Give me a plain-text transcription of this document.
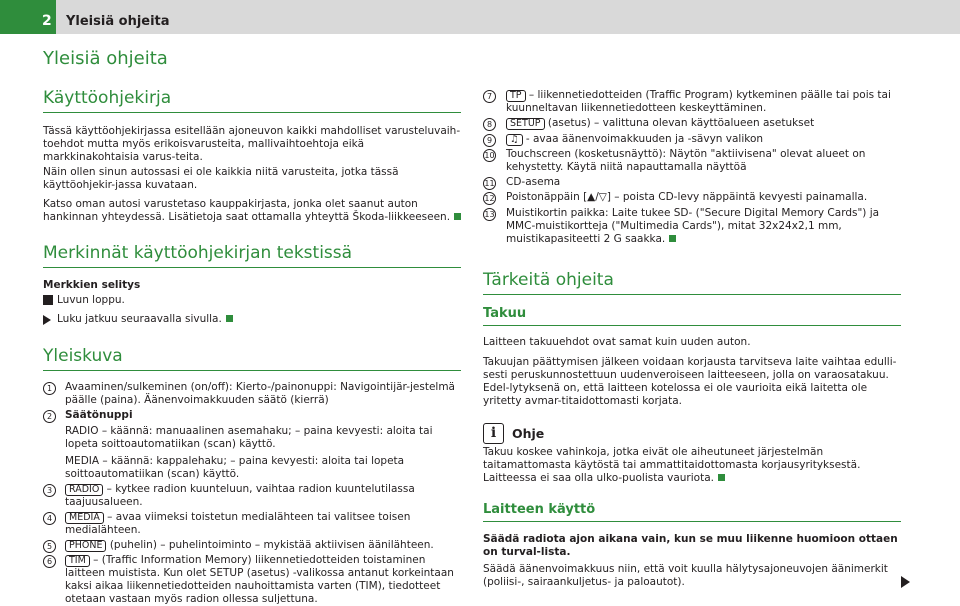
2	Yleisiä ohjeita
Yleisiä ohjeita
Käyttöohjekirja
Tässä käyttöohjekirjassa esitellään ajoneuvon kaikki mahdolliset varusteluvaih-toehdot mutta myös erikoisvarusteita, mallivaihtoehtoja eikä markkinakohtaisia varus-teita.
Näin ollen sinun autossasi ei ole kaikkia niitä varusteita, jotka tässä käyttöohjekir-jassa kuvataan.
Katso oman autosi varustetaso kauppakirjasta, jonka olet saanut auton hankinnan yhteydessä. Lisätietoja saat ottamalla yhteyttä Škoda-liikkeeseen.
Merkinnät käyttöohjekirjan tekstissä
Merkkien selitys
Luvun loppu.
Luku jatkuu seuraavalla sivulla.
Yleiskuva
1	Avaaminen/sulkeminen (on/off): Kierto-/painonuppi: Navigointijär-jestelmä päälle (paina). Äänenvoimakkuuden säätö (kierrä)
2	Säätönuppi
RADIO – käännä: manuaalinen asemahaku; – paina kevyesti: aloita tai lopeta soittoautomatiikan (scan) käyttö.
MEDIA – käännä: kappalehaku; – paina kevyesti: aloita tai lopeta soittoautomatiikan (scan) käyttö.
3	RADIO – kytkee radion kuunteluun, vaihtaa radion kuuntelutilassa taajuusalueen.
4	MEDIA – avaa viimeksi toistetun medialähteen tai valitsee toisen medialähteen.
5	PHONE (puhelin) – puhelintoiminto – mykistää aktiivisen äänilähteen.
6	TIM – (Traffic Information Memory) liikennetiedotteiden toistaminen laitteen muistista. Kun olet SETUP (asetus) -valikossa antanut korkeintaan kaksi aikaa liikennetiedotteiden nauhoittamista varten (TIM), tiedotteet otetaan vastaan myös radion ollessa suljettuna.
7	TP – liikennetiedotteiden (Traffic Program) kytkeminen päälle tai pois tai kuunneltavan liikennetiedotteen keskeyttäminen.
8	SETUP (asetus) – valittuna olevan käyttöalueen asetukset
9	♫ - avaa äänenvoimakkuuden ja -sävyn valikon
10 Touchscreen (kosketusnäyttö): Näytön "aktiivisena" olevat alueet on kehystetty. Käytä niitä napauttamalla näyttöä
11 CD-asema
12 Poistonäppäin [▲/▽] – poista CD-levy näppäintä kevyesti painamalla.
13 Muistikortin paikka: Laite tukee SD- ("Secure Digital Memory Cards") ja MMC-muistikortteja ("Multimedia Cards"), mitat 32x24x2,1 mm, muistikapasiteetti 2 G saakka.
Tärkeitä ohjeita
Takuu
Laitteen takuuehdot ovat samat kuin uuden auton.
Takuujan päättymisen jälkeen voidaan korjausta tarvitseva laite vaihtaa edulli-sesti peruskunnostettuun uudenveroiseen laitteeseen, jolla on varaosatakuu. Edel-lytyksenä on, että laitteen kotelossa ei ole vaurioita eikä laitetta ole yritetty avmar-titaidottomasti korjata.
i	Ohje
Takuu koskee vahinkoja, jotka eivät ole aiheutuneet järjestelmän taitamattomasta käytöstä tai ammattitaidottomasta korjausyrityksestä. Laitteessa ei saa olla ulko-puolista vauriota.
Laitteen käyttö
Säädä radiota ajon aikana vain, kun se muu liikenne huomioon ottaen on turval-lista.
Säädä äänenvoimakkuus niin, että voit kuulla hälytysajoneuvojen äänimerkit (poliisi-, sairaankuljetus- ja paloautot).
